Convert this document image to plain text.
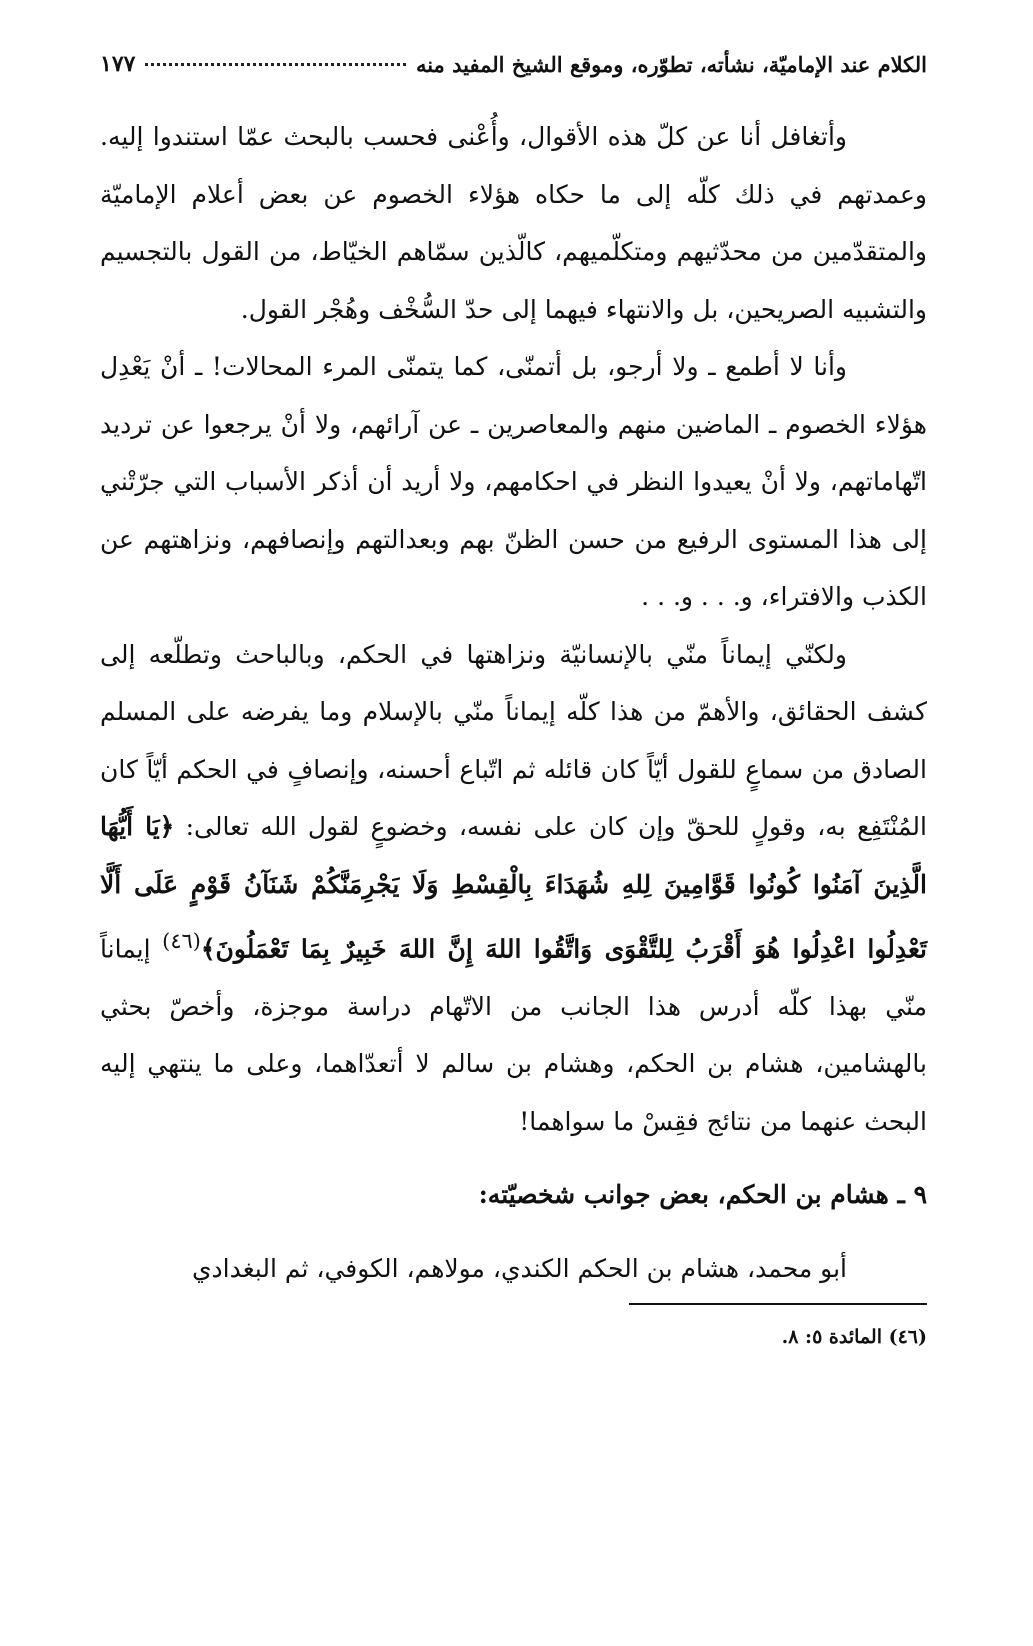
الكلام عند الإماميّة، نشأته، تطوّره، وموقع الشيخ المفيد منه
١٧٧

وأتغافل أنا عن كلّ هذه الأقوال، وأُعْنى فحسب بالبحث عمّا استندوا إليه. وعمدتهم في ذلك كلّه إلى ما حكاه هؤلاء الخصوم عن بعض أعلام الإماميّة والمتقدّمين من محدّثيهم ومتكلّميهم، كالّذين سمّاهم الخيّاط، من القول بالتجسيم والتشبيه الصريحين، بل والانتهاء فيهما إلى حدّ السُّخْف وهُجْر القول.

وأنا لا أطمع ـ ولا أرجو، بل أتمنّى، كما يتمنّى المرء المحالات! ـ أنْ يَعْدِل هؤلاء الخصوم ـ الماضين منهم والمعاصرين ـ عن آرائهم، ولا أنْ يرجعوا عن ترديد اتّهاماتهم، ولا أنْ يعيدوا النظر في احكامهم، ولا أريد أن أذكر الأسباب التي جرّتْني إلى هذا المستوى الرفيع من حسن الظنّ بهم وبعدالتهم وإنصافهم، ونزاهتهم عن الكذب والافتراء، و. . . و. . .

ولكنّي إيماناً منّي بالإنسانيّة ونزاهتها في الحكم، وبالباحث وتطلّعه إلى كشف الحقائق، والأهمّ من هذا كلّه إيماناً منّي بالإسلام وما يفرضه على المسلم الصادق من سماعٍ للقول أيّاً كان قائله ثم اتّباع أحسنه، وإنصافٍ في الحكم أيّاً كان المُنْتَفِع به، وقولٍ للحقّ وإن كان على نفسه، وخضوعٍ لقول الله تعالى: ﴿يَا أَيُّهَا الَّذِينَ آمَنُوا كُونُوا قَوَّامِينَ لِلهِ شُهَدَاءَ بِالْقِسْطِ وَلَا يَجْرِمَنَّكُمْ شَنَآنُ قَوْمٍ عَلَى أَلَّا تَعْدِلُوا اعْدِلُوا هُوَ أَقْرَبُ لِلتَّقْوَى وَاتَّقُوا اللهَ إِنَّ اللهَ خَبِيرٌ بِمَا تَعْمَلُونَ﴾$^{(٤٦)}$ إيماناً منّي بهذا كلّه أدرس هذا الجانب من الاتّهام دراسة موجزة، وأخصّ بحثي بالهشامين، هشام بن الحكم، وهشام بن سالم لا أتعدّاهما، وعلى ما ينتهي إليه البحث عنهما من نتائج فقِسْ ما سواهما!

٩ ـ هشام بن الحكم، بعض جوانب شخصيّته:
أبو محمد، هشام بن الحكم الكندي، مولاهم، الكوفي، ثم البغدادي
(٤٦) المائدة ٥: ٨.
